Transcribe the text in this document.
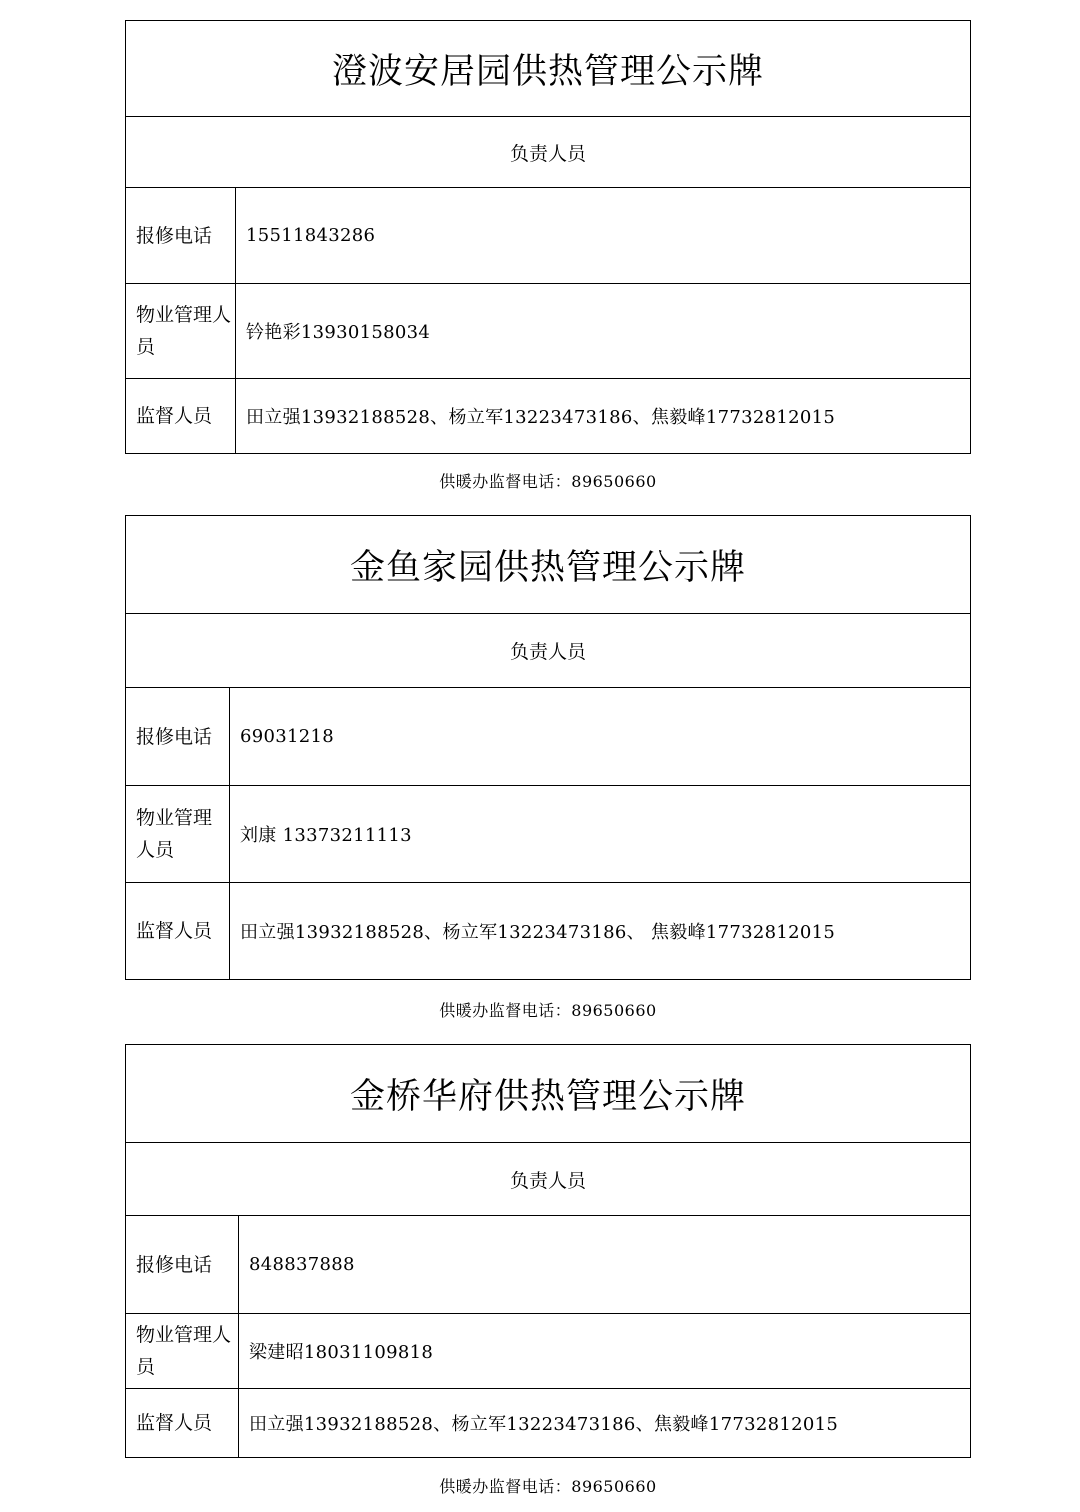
澄波安居园供热管理公示牌	
负责人员	
报修电话	15511843286
物业管理人员	钤艳彩13930158034
监督人员	田立强13932188528、杨立军13223473186、焦毅峰17732812015
供暖办监督电话：89650660
金鱼家园供热管理公示牌	
负责人员	
报修电话	69031218
物业管理人员	刘康 13373211113
监督人员	田立强13932188528、杨立军13223473186、 焦毅峰17732812015
供暖办监督电话：89650660
金桥华府供热管理公示牌	
负责人员	
报修电话	848837888
物业管理人员	梁建昭18031109818
监督人员	田立强13932188528、杨立军13223473186、焦毅峰17732812015
供暖办监督电话：89650660
